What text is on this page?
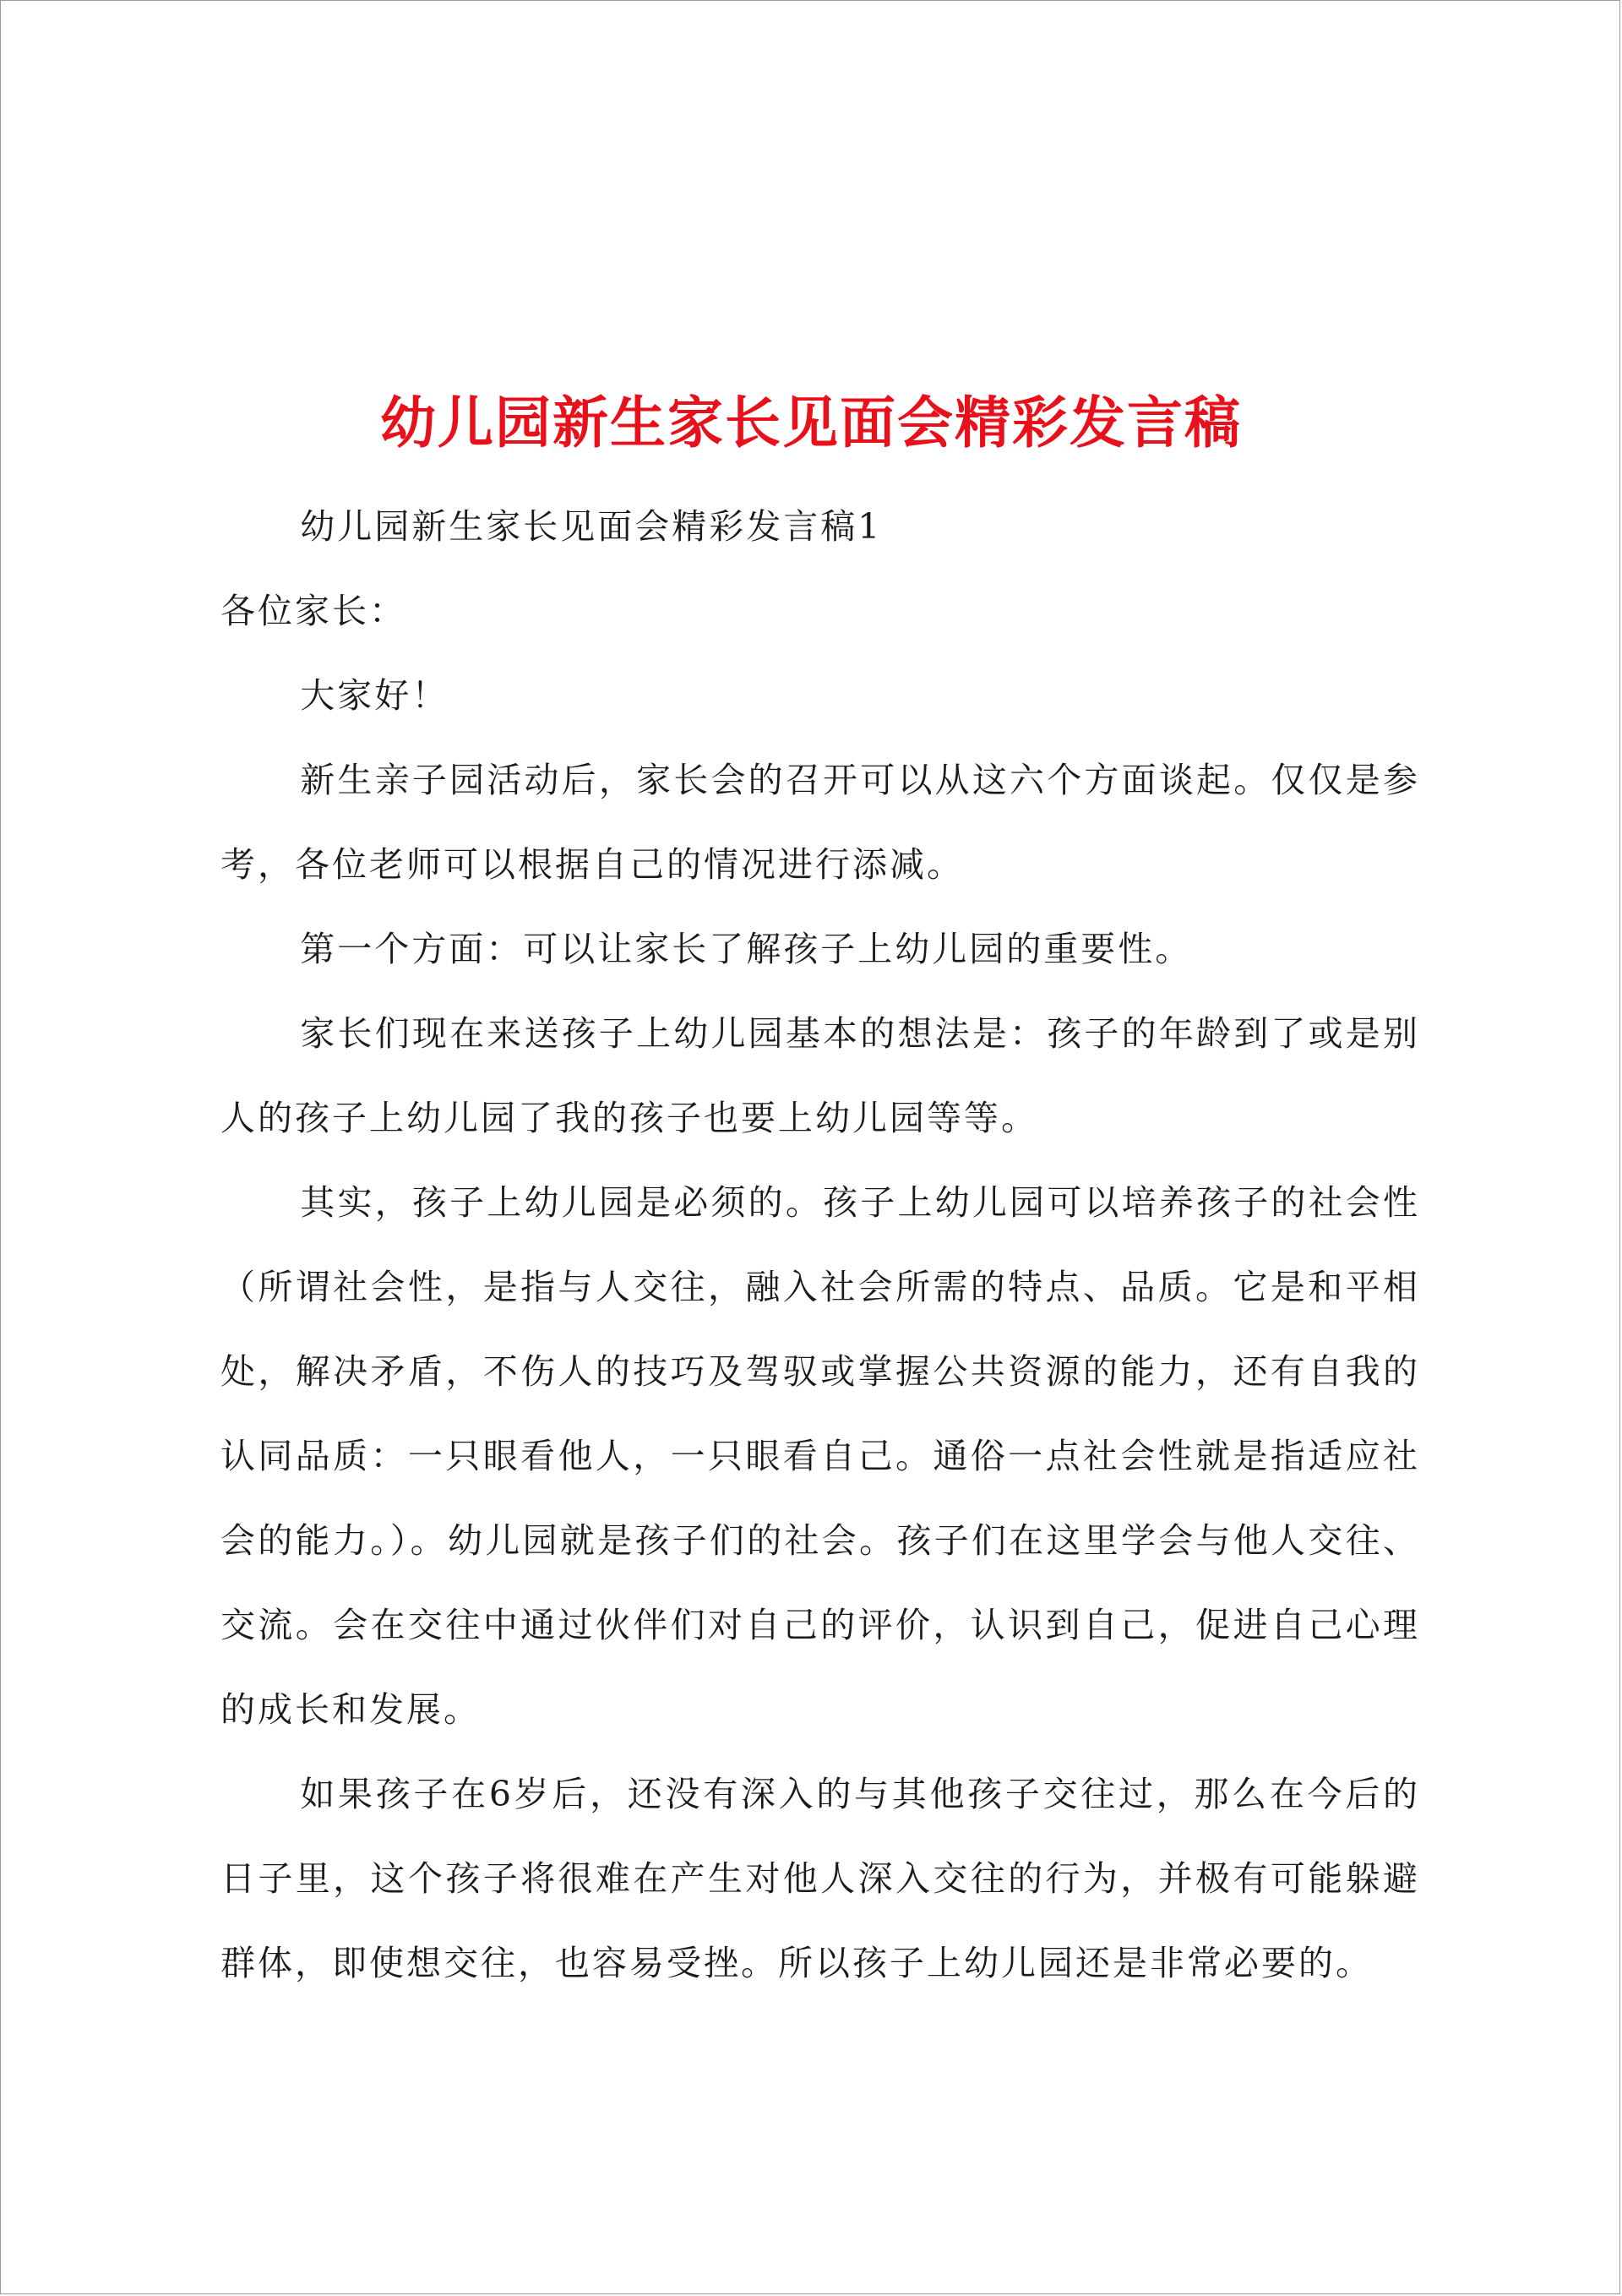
幼儿园新生家长见面会精彩发言稿

幼儿园新生家长见面会精彩发言稿1

各位家长：

大家好！

新生亲子园活动后，家长会的召开可以从这六个方面谈起。仅仅是参考，各位老师可以根据自己的情况进行添减。

第一个方面：可以让家长了解孩子上幼儿园的重要性。

家长们现在来送孩子上幼儿园基本的想法是：孩子的年龄到了或是别人的孩子上幼儿园了我的孩子也要上幼儿园等等。

其实，孩子上幼儿园是必须的。孩子上幼儿园可以培养孩子的社会性（所谓社会性，是指与人交往，融入社会所需的特点、品质。它是和平相处，解决矛盾，不伤人的技巧及驾驭或掌握公共资源的能力，还有自我的认同品质：一只眼看他人，一只眼看自己。通俗一点社会性就是指适应社会的能力。）。幼儿园就是孩子们的社会。孩子们在这里学会与他人交往、交流。会在交往中通过伙伴们对自己的评价，认识到自己，促进自己心理的成长和发展。

如果孩子在6岁后，还没有深入的与其他孩子交往过，那么在今后的日子里，这个孩子将很难在产生对他人深入交往的行为，并极有可能躲避群体，即使想交往，也容易受挫。所以孩子上幼儿园还是非常必要的。
